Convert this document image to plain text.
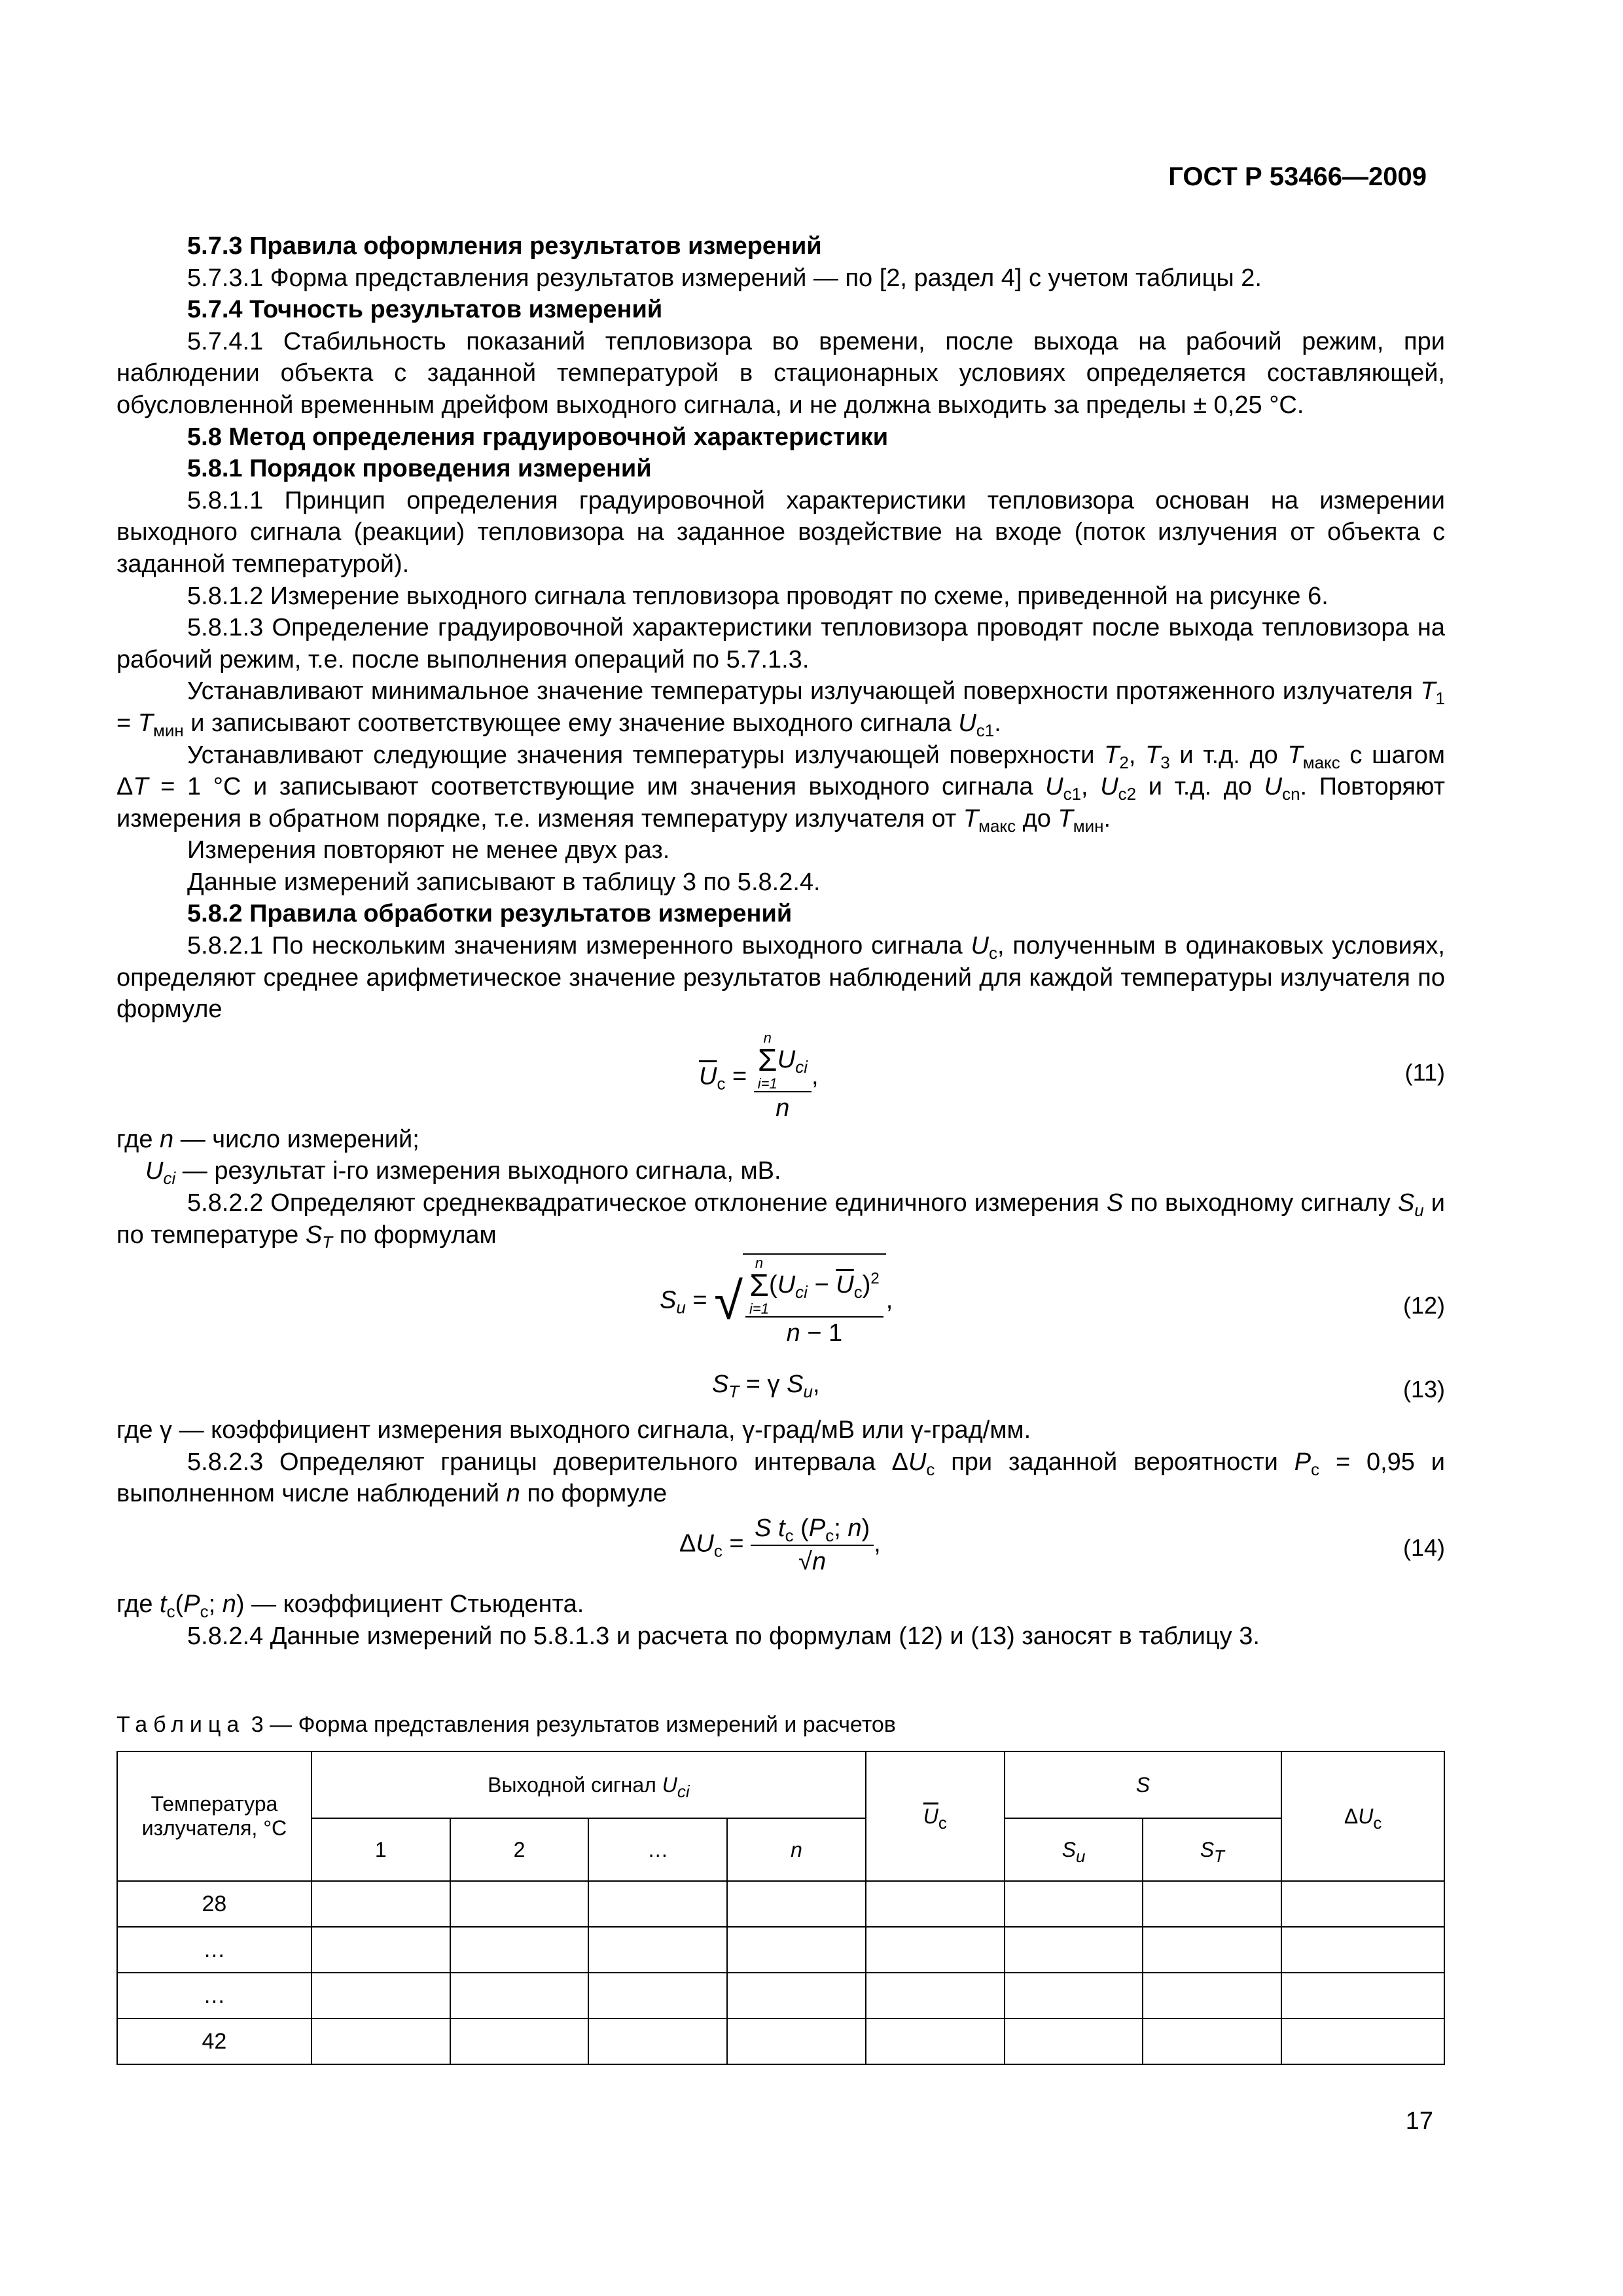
ГОСТ Р 53466—2009

5.7.3 Правила оформления результатов измерений

5.7.3.1 Форма представления результатов измерений — по [2, раздел 4] с учетом таблицы 2.

5.7.4 Точность результатов измерений

5.7.4.1 Стабильность показаний тепловизора во времени, после выхода на рабочий режим, при наблюдении объекта с заданной температурой в стационарных условиях определяется составляющей, обусловленной временным дрейфом выходного сигнала, и не должна выходить за пределы ± 0,25 °С.

5.8 Метод определения градуировочной характеристики

5.8.1 Порядок проведения измерений

5.8.1.1 Принцип определения градуировочной характеристики тепловизора основан на измерении выходного сигнала (реакции) тепловизора на заданное воздействие на входе (поток излучения от объекта с заданной температурой).

5.8.1.2 Измерение выходного сигнала тепловизора проводят по схеме, приведенной на рисунке 6.

5.8.1.3 Определение градуировочной характеристики тепловизора проводят после выхода тепловизора на рабочий режим, т.е. после выполнения операций по 5.7.1.3.

Устанавливают минимальное значение температуры излучающей поверхности протяженного излучателя $T_1 = T_{мин}$ и записывают соответствующее ему значение выходного сигнала $U_{c1}$.

Устанавливают следующие значения температуры излучающей поверхности $T_2$, $T_3$ и т.д. до $T_{макс}$ с шагом ΔT = 1 °С и записывают соответствующие им значения выходного сигнала $U_{c1}$, $U_{c2}$ и т.д. до $U_{cn}$. Повторяют измерения в обратном порядке, т.е. изменяя температуру излучателя от $T_{макс}$ до $T_{мин}$.

Измерения повторяют не менее двух раз.

Данные измерений записывают в таблицу 3 по 5.8.2.4.

5.8.2 Правила обработки результатов измерений

5.8.2.1 По нескольким значениям измеренного выходного сигнала $U_c$, полученным в одинаковых условиях, определяют среднее арифметическое значение результатов наблюдений для каждой температуры излучателя по формуле

$\overline{U}_c = n$
Σ
i=1
$U_{ci}$
n ,	(11)

где n — число измерений;

$U_{ci}$ — результат i-го измерения выходного сигнала, мВ.

5.8.2.2 Определяют среднеквадратическое отклонение единичного измерения S по выходному сигналу $S_u$ и по температуре $S_T$ по формулам

$S_u$ = √ n
Σ
i=1
$(U_{ci} - \overline{U}_c)^2$
n − 1 ,	(12)
$S_T = \gamma$ $S_u$,	(13)

где γ — коэффициент измерения выходного сигнала, γ-град/мВ или γ-град/мм.

5.8.2.3 Определяют границы доверительного интервала $\Delta U_c$ при заданной вероятности $P_c = 0,95$ и выполненном числе наблюдений n по формуле

$\Delta U_c = \frac{S t_c (P_c; n)}{√n}$ ,	(14)

где $t_c(P_c$; n) — коэффициент Стьюдента.

5.8.2.4 Данные измерений по 5.8.1.3 и расчета по формулам (12) и (13) заносят в таблицу 3.

Таблица 3 — Форма представления результатов измерений и расчетов
Температура излучателя, °С	Выходной сигнал $U_{ci}$				$\overline{U}_c$	S		$\Delta U_c$
	1	2	…	n		$S_u$	$S_T$
28								
…								
…								
42								
17
